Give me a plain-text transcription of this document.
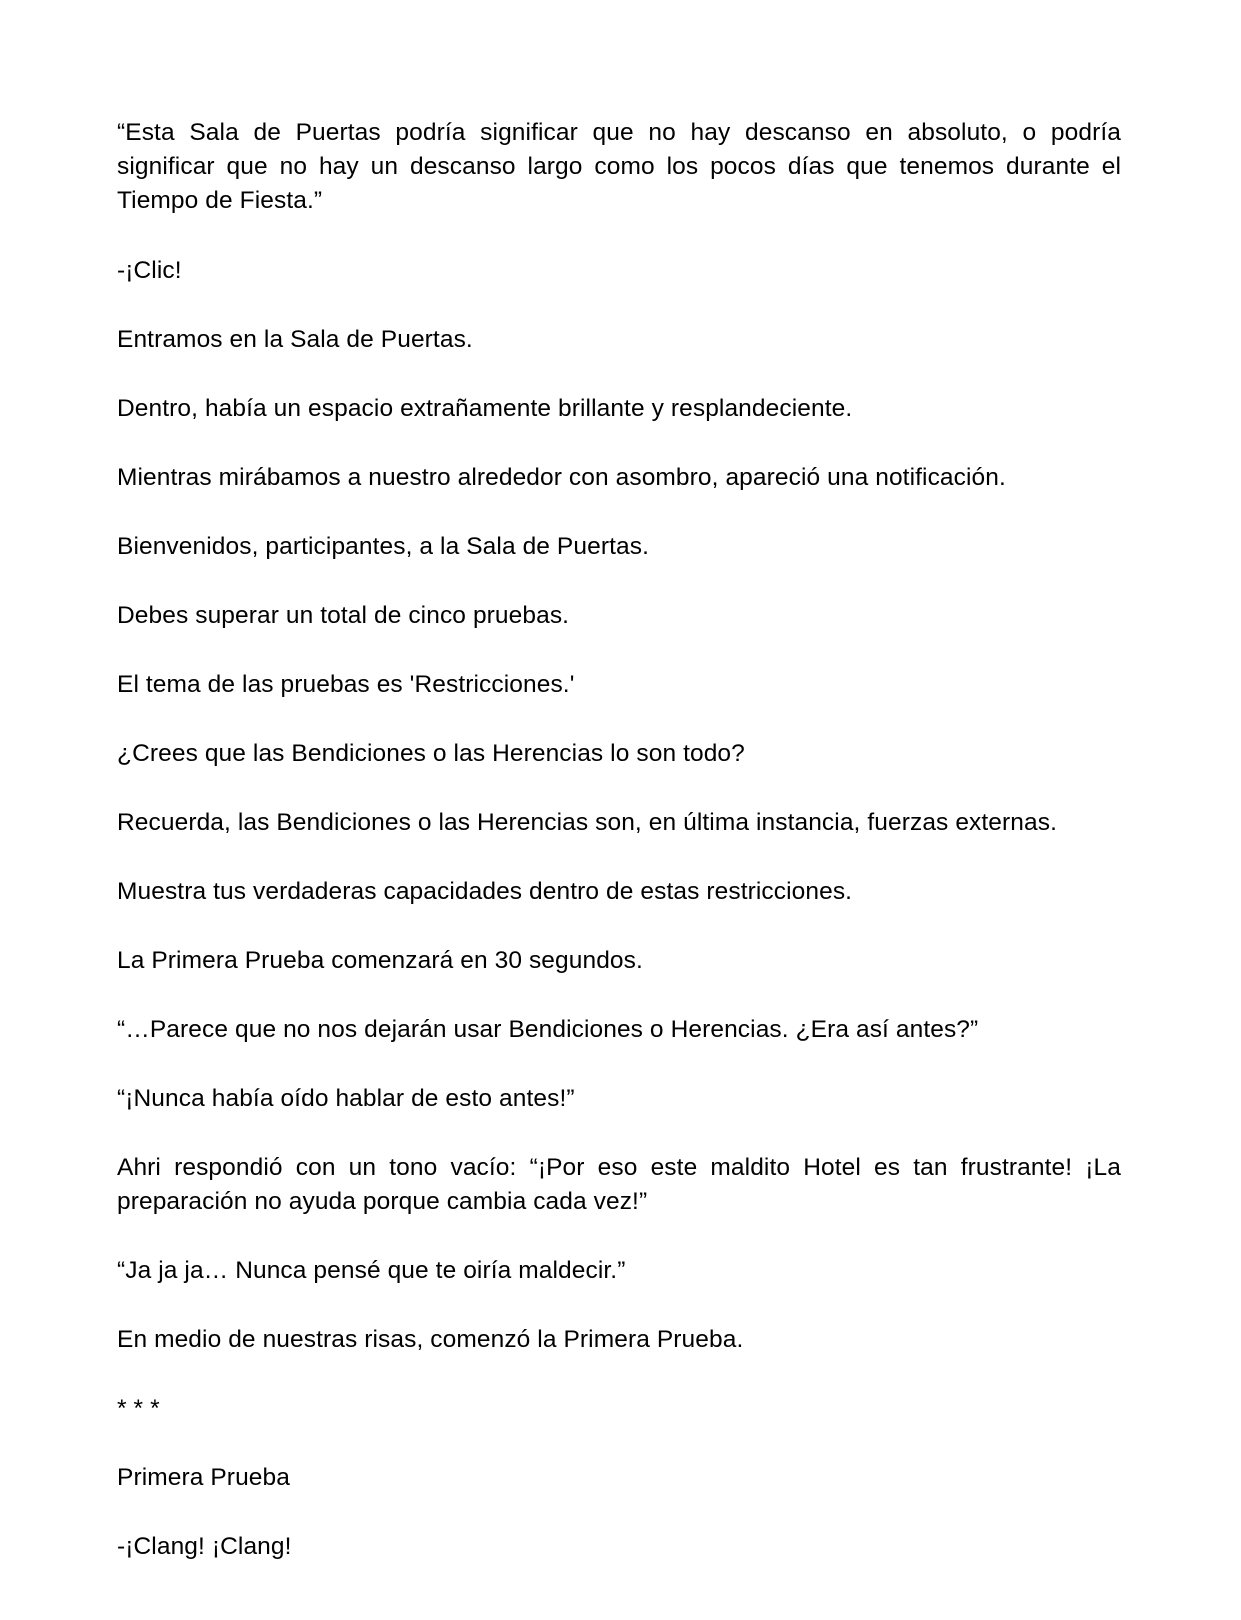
“Esta Sala de Puertas podría significar que no hay descanso en absoluto, o podría significar que no hay un descanso largo como los pocos días que tenemos durante el Tiempo de Fiesta.”

-¡Clic!

Entramos en la Sala de Puertas.

Dentro, había un espacio extrañamente brillante y resplandeciente.

Mientras mirábamos a nuestro alrededor con asombro, apareció una notificación.

Bienvenidos, participantes, a la Sala de Puertas.

Debes superar un total de cinco pruebas.

El tema de las pruebas es 'Restricciones.'

¿Crees que las Bendiciones o las Herencias lo son todo?

Recuerda, las Bendiciones o las Herencias son, en última instancia, fuerzas externas.

Muestra tus verdaderas capacidades dentro de estas restricciones.

La Primera Prueba comenzará en 30 segundos.

“…Parece que no nos dejarán usar Bendiciones o Herencias. ¿Era así antes?”

“¡Nunca había oído hablar de esto antes!”

Ahri respondió con un tono vacío: “¡Por eso este maldito Hotel es tan frustrante! ¡La preparación no ayuda porque cambia cada vez!”

“Ja ja ja… Nunca pensé que te oiría maldecir.”

En medio de nuestras risas, comenzó la Primera Prueba.

* * *

Primera Prueba

-¡Clang! ¡Clang!
